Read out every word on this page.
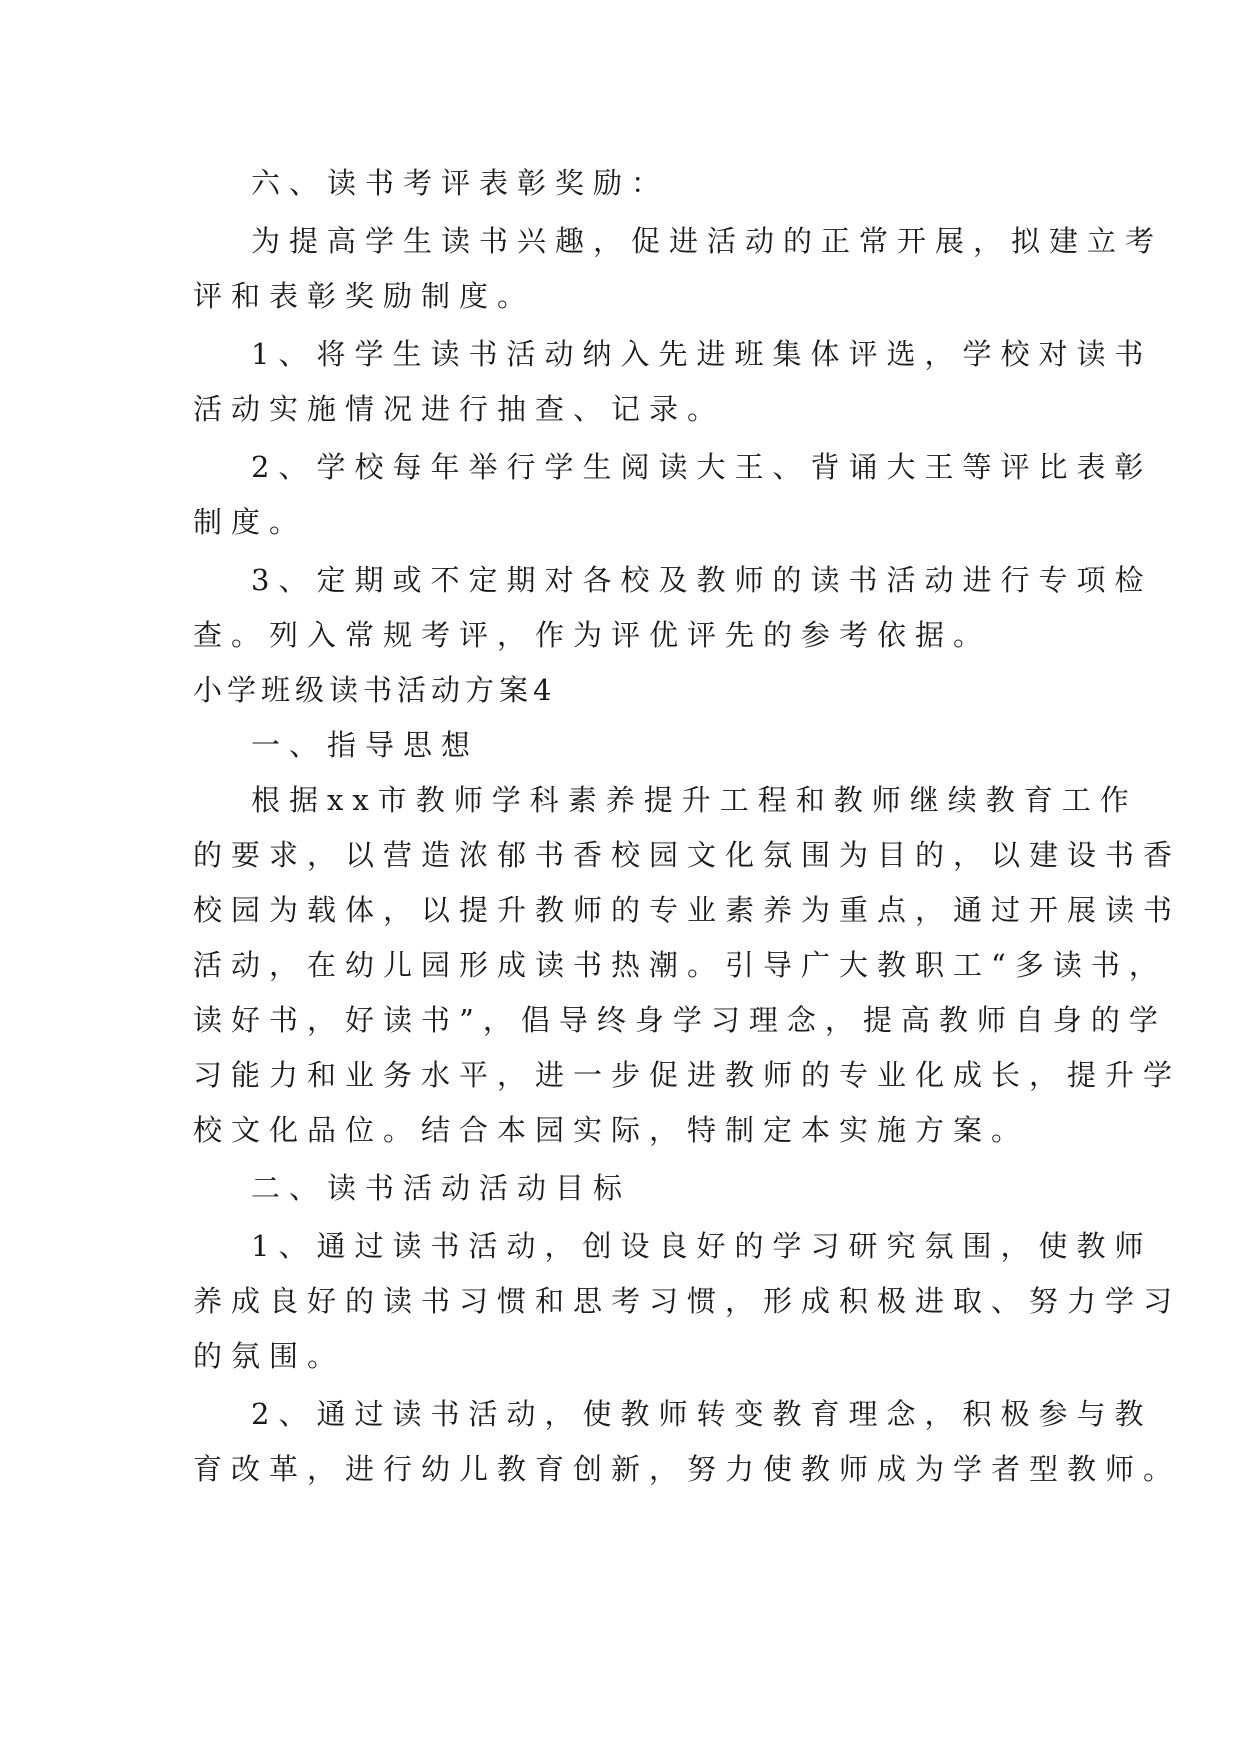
六、读书考评表彰奖励：
为提高学生读书兴趣，促进活动的正常开展，拟建立考
评和表彰奖励制度。
1、将学生读书活动纳入先进班集体评选，学校对读书
活动实施情况进行抽查、记录。
2、学校每年举行学生阅读大王、背诵大王等评比表彰
制度。
3、定期或不定期对各校及教师的读书活动进行专项检
查。列入常规考评，作为评优评先的参考依据。
小学班级读书活动方案4
一、指导思想
根据xx市教师学科素养提升工程和教师继续教育工作
的要求，以营造浓郁书香校园文化氛围为目的，以建设书香
校园为载体，以提升教师的专业素养为重点，通过开展读书
活动，在幼儿园形成读书热潮。引导广大教职工“多读书，
读好书，好读书”，倡导终身学习理念，提高教师自身的学
习能力和业务水平，进一步促进教师的专业化成长，提升学
校文化品位。结合本园实际，特制定本实施方案。
二、读书活动活动目标
1、通过读书活动，创设良好的学习研究氛围，使教师
养成良好的读书习惯和思考习惯，形成积极进取、努力学习
的氛围。
2、通过读书活动，使教师转变教育理念，积极参与教
育改革，进行幼儿教育创新，努力使教师成为学者型教师。
